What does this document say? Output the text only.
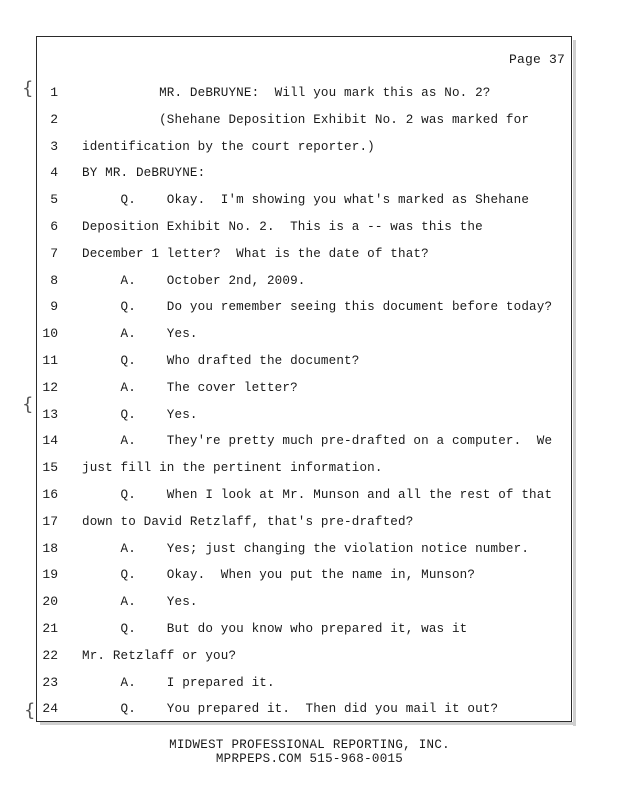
{
{
{
Page 37
1
2
3
4
5
6
7
8
9
10
11
12
13
14
15
16
17
18
19
20
21
22
23
24
MR. DeBRUYNE:  Will you mark this as No. 2?
(Shehane Deposition Exhibit No. 2 was marked for
identification by the court reporter.)
BY MR. DeBRUYNE:
Q.    Okay.  I'm showing you what's marked as Shehane
Deposition Exhibit No. 2.  This is a -- was this the
December 1 letter?  What is the date of that?
A.    October 2nd, 2009.
Q.    Do you remember seeing this document before today?
A.    Yes.
Q.    Who drafted the document?
A.    The cover letter?
Q.    Yes.
A.    They're pretty much pre-drafted on a computer.  We
just fill in the pertinent information.
Q.    When I look at Mr. Munson and all the rest of that
down to David Retzlaff, that's pre-drafted?
A.    Yes; just changing the violation notice number.
Q.    Okay.  When you put the name in, Munson?
A.    Yes.
Q.    But do you know who prepared it, was it
Mr. Retzlaff or you?
A.    I prepared it.
Q.    You prepared it.  Then did you mail it out?
MIDWEST PROFESSIONAL REPORTING, INC.
MPRPEPS.COM 515-968-0015
